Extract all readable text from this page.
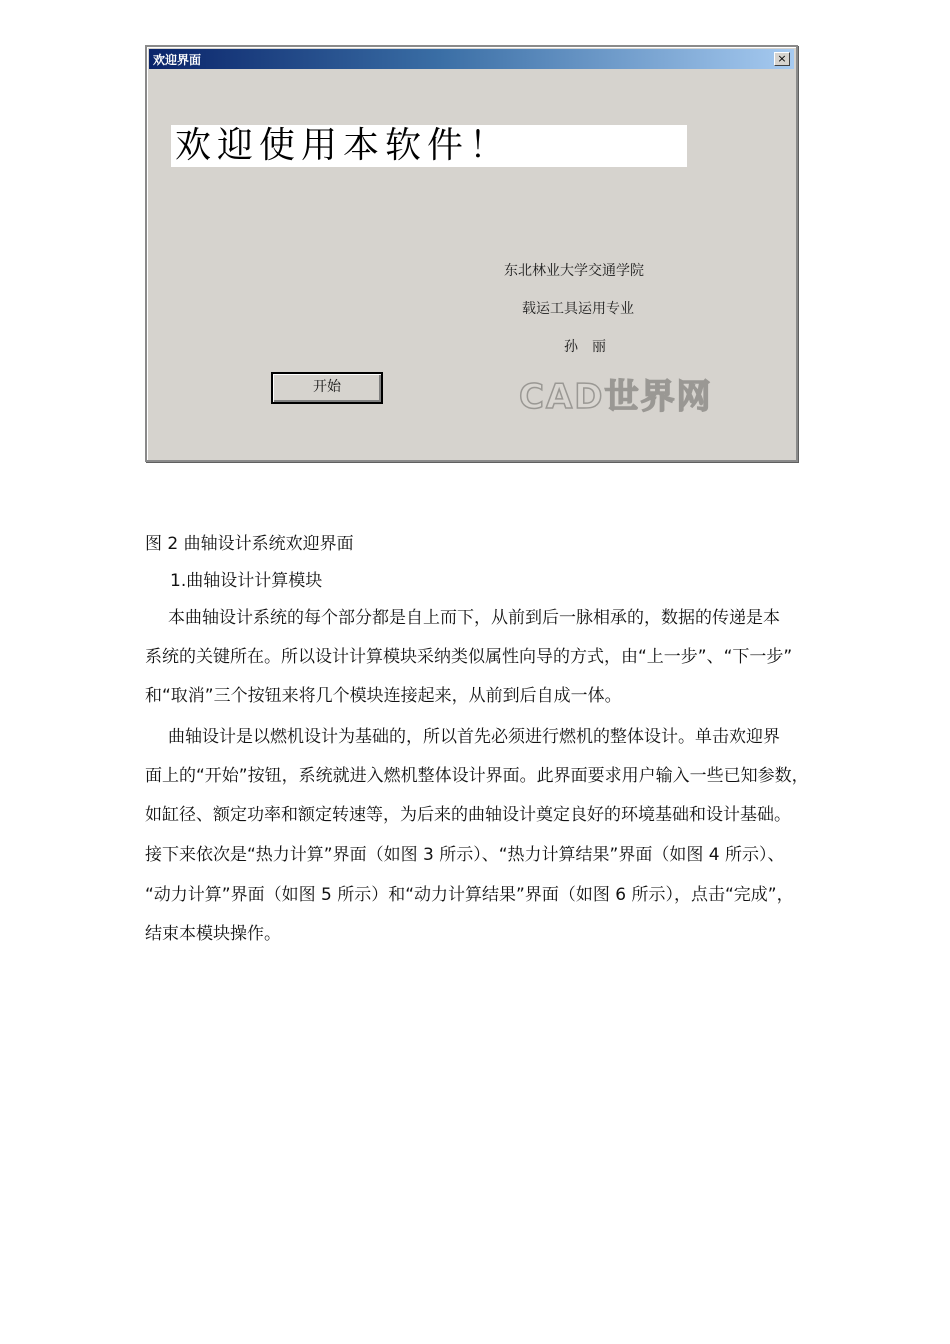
欢迎界面	×
欢迎使用本软件！
东北林业大学交通学院
载运工具运用专业
孙丽
开始	CAD世界网
图 2 曲轴设计系统欢迎界面
1.曲轴设计计算模块
本曲轴设计系统的每个部分都是自上而下，从前到后一脉相承的，数据的传递是本
系统的关键所在。所以设计计算模块采纳类似属性向导的方式，由“上一步”、“下一步”
和“取消”三个按钮来将几个模块连接起来，从前到后自成一体。
曲轴设计是以燃机设计为基础的，所以首先必须进行燃机的整体设计。单击欢迎界
面上的“开始”按钮，系统就进入燃机整体设计界面。此界面要求用户输入一些已知参数，
如缸径、额定功率和额定转速等，为后来的曲轴设计奠定良好的环境基础和设计基础。
接下来依次是“热力计算”界面（如图 3 所示）、“热力计算结果”界面（如图 4 所示）、
“动力计算”界面（如图 5 所示）和“动力计算结果”界面（如图 6 所示），点击“完成”，
结束本模块操作。
